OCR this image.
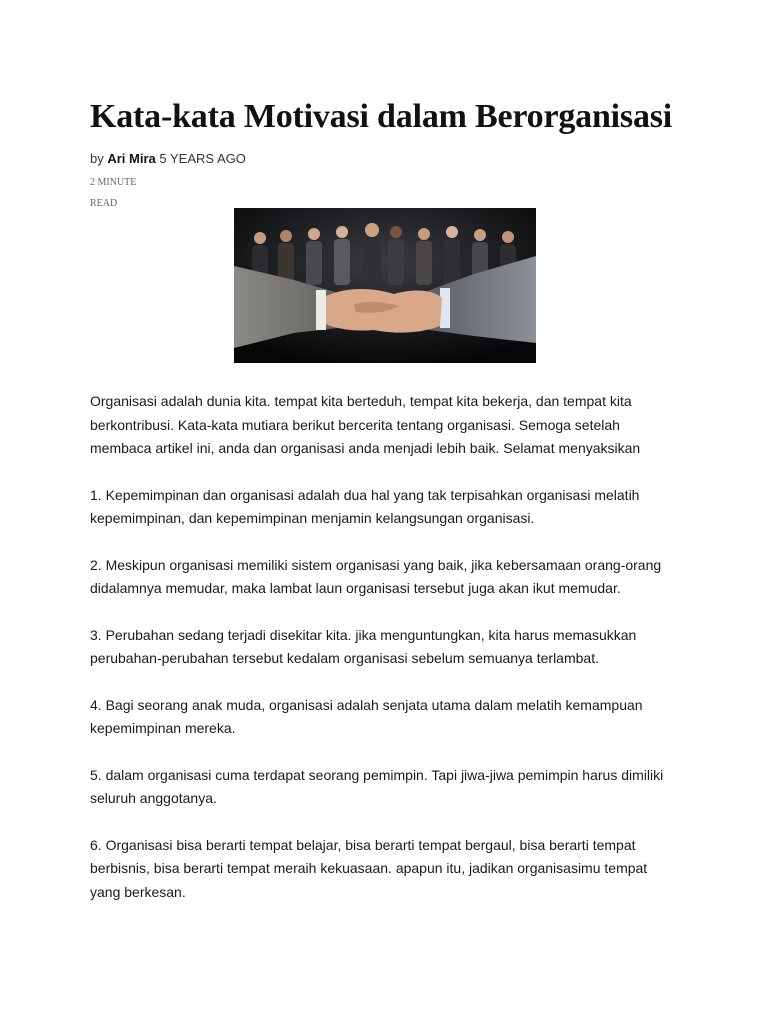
Kata-kata Motivasi dalam Berorganisasi
by Ari Mira 5 YEARS AGO
2 MINUTE
READ

Organisasi adalah dunia kita. tempat kita berteduh, tempat kita bekerja, dan tempat kita berkontribusi. Kata-kata mutiara berikut bercerita tentang organisasi. Semoga setelah membaca artikel ini, anda dan organisasi anda menjadi lebih baik. Selamat menyaksikan

1. Kepemimpinan dan organisasi adalah dua hal yang tak terpisahkan organisasi melatih kepemimpinan, dan kepemimpinan menjamin kelangsungan organisasi.

2. Meskipun organisasi memiliki sistem organisasi yang baik, jika kebersamaan orang-orang didalamnya memudar, maka lambat laun organisasi tersebut juga akan ikut memudar.

3. Perubahan sedang terjadi disekitar kita. jika menguntungkan, kita harus memasukkan perubahan-perubahan tersebut kedalam organisasi sebelum semuanya terlambat.

4. Bagi seorang anak muda, organisasi adalah senjata utama dalam melatih kemampuan kepemimpinan mereka.

5. dalam organisasi cuma terdapat seorang pemimpin. Tapi jiwa-jiwa pemimpin harus dimiliki seluruh anggotanya.

6. Organisasi bisa berarti tempat belajar, bisa berarti tempat bergaul, bisa berarti tempat berbisnis, bisa berarti tempat meraih kekuasaan. apapun itu, jadikan organisasimu tempat yang berkesan.
